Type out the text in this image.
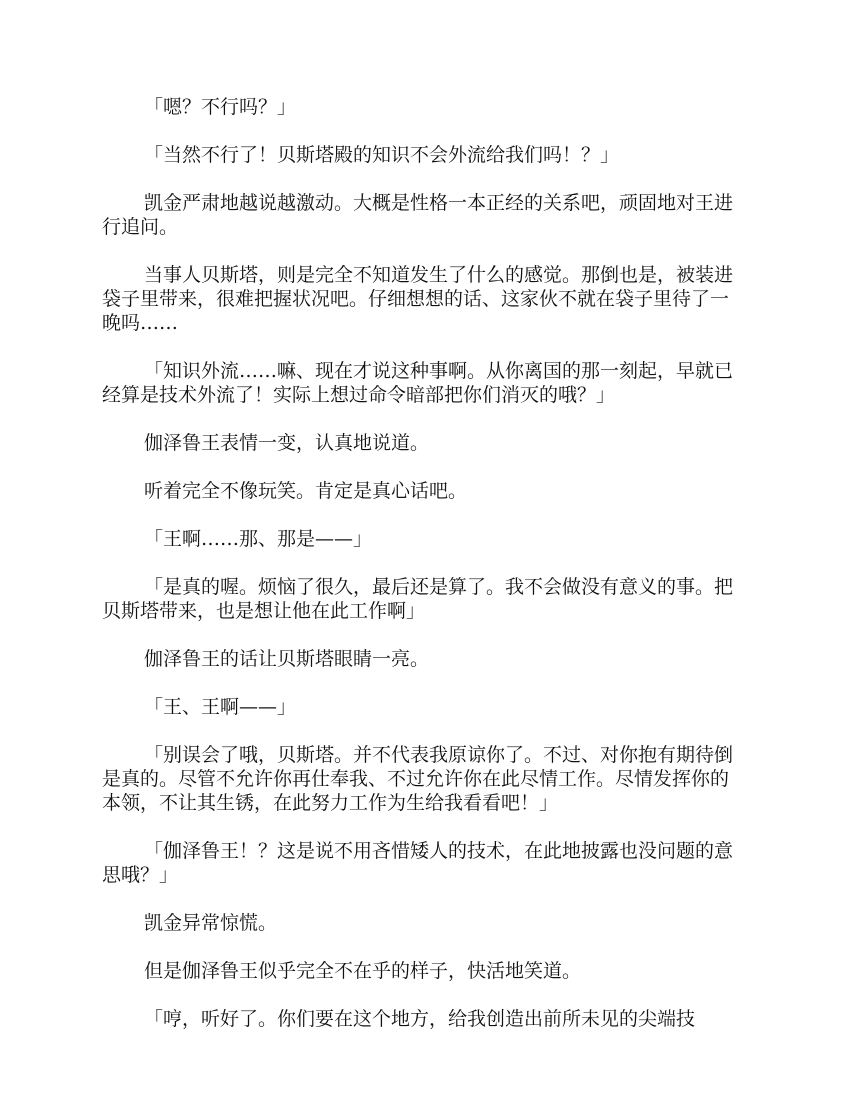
「嗯？不行吗？」

「当然不行了！贝斯塔殿的知识不会外流给我们吗！？」

凯金严肃地越说越激动。大概是性格一本正经的关系吧，顽固地对王进行追问。

当事人贝斯塔，则是完全不知道发生了什么的感觉。那倒也是，被装进袋子里带来，很难把握状况吧。仔细想想的话、这家伙不就在袋子里待了一晚吗……

「知识外流……嘛、现在才说这种事啊。从你离国的那一刻起，早就已经算是技术外流了！实际上想过命令暗部把你们消灭的哦？」

伽泽鲁王表情一变，认真地说道。

听着完全不像玩笑。肯定是真心话吧。

「王啊……那、那是——」

「是真的喔。烦恼了很久，最后还是算了。我不会做没有意义的事。把贝斯塔带来，也是想让他在此工作啊」

伽泽鲁王的话让贝斯塔眼睛一亮。

「王、王啊——」

「别误会了哦，贝斯塔。并不代表我原谅你了。不过、对你抱有期待倒是真的。尽管不允许你再仕奉我、不过允许你在此尽情工作。尽情发挥你的本领，不让其生锈，在此努力工作为生给我看看吧！」

「伽泽鲁王！？这是说不用吝惜矮人的技术，在此地披露也没问题的意思哦？」

凯金异常惊慌。

但是伽泽鲁王似乎完全不在乎的样子，快活地笑道。

「哼，听好了。你们要在这个地方，给我创造出前所未见的尖端技
